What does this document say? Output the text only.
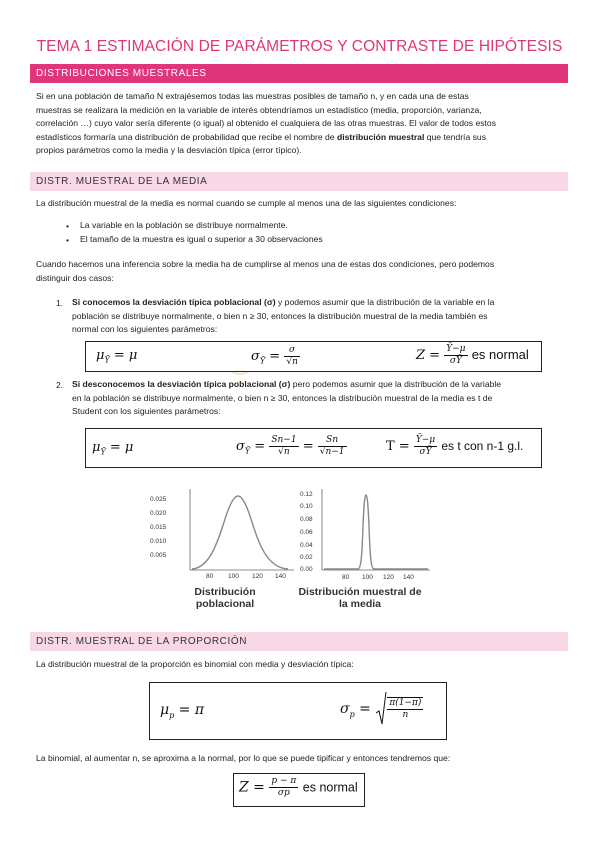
TEMA 1 ESTIMACIÓN DE PARÁMETROS Y CONTRASTE DE HIPÓTESIS
DISTRIBUCIONES MUESTRALES
Si en una población de tamaño N extrajésemos todas las muestras posibles de tamaño n, y en cada una de estas
muestras se realizara la medición en la variable de interés obtendríamos un estadístico (media, proporción, varianza,
correlación …) cuyo valor sería diferente (o igual) al obtenido el cualquiera de las otras muestras. El valor de todos estos
estadísticos formaría una distribución de probabilidad que recibe el nombre de distribución muestral que tendría sus
propios parámetros como la media y la desviación típica (error típico).
DISTR. MUESTRAL DE LA MEDIA
La distribución muestral de la media es normal cuando se cumple al menos una de las siguientes condiciones:
• La variable en la población se distribuye normalmente.
• El tamaño de la muestra es igual o superior a 30 observaciones
Cuando hacemos una inferencia sobre la media ha de cumplirse al menos una de estas dos condiciones, pero podemos
distinguir dos casos:
1. Si conocemos la desviación típica poblacional (σ) y podemos asumir que la distribución de la variable en la
población se distribuye normalmente, o bien n ≥ 30, entonces la distribución muestral de la media también es
normal con los siguientes parámetros:
$\mu_Ȳ = \mu$	$\sigma_Ȳ = \frac{\sigma}{√n}$	$Z = \frac{Ȳ-\mu}{\sigma Ȳ}$ es normal
2. Si desconocemos la desviación típica poblacional (σ) pero podemos asumir que la distribución de la variable
en la población se distribuye normalmente, o bien n ≥ 30, entonces la distribución muestral de la media es t de
Student con los siguientes parámetros:
$\mu_Ȳ = \mu$	$\sigma_Ȳ = \frac{Sn-1}{√n} = \frac{Sn}{√n-1}$	$T = \frac{Ȳ-\mu}{\sigma Ȳ}$ es t con n-1 g.l.
0.025
0.020
0.015
0.010
0.005
80 100 120 140
0.12
0.10
0.08
0.06
0.04
0.02
0.00
80 100 120 140
Distribución poblacional
Distribución muestral de la media
DISTR. MUESTRAL DE LA PROPORCIÓN
La distribución muestral de la proporción es binomial con media y desviación típica:
$\mu_p = \pi$	$\sigma_p = \frac{\pi(1-\pi)}{n}$
La binomial, al aumentar n, se aproxima a la normal, por lo que se puede tipificar y entonces tendremos que:
$Z = \frac{p - \pi}{\sigma p}$ es normal
